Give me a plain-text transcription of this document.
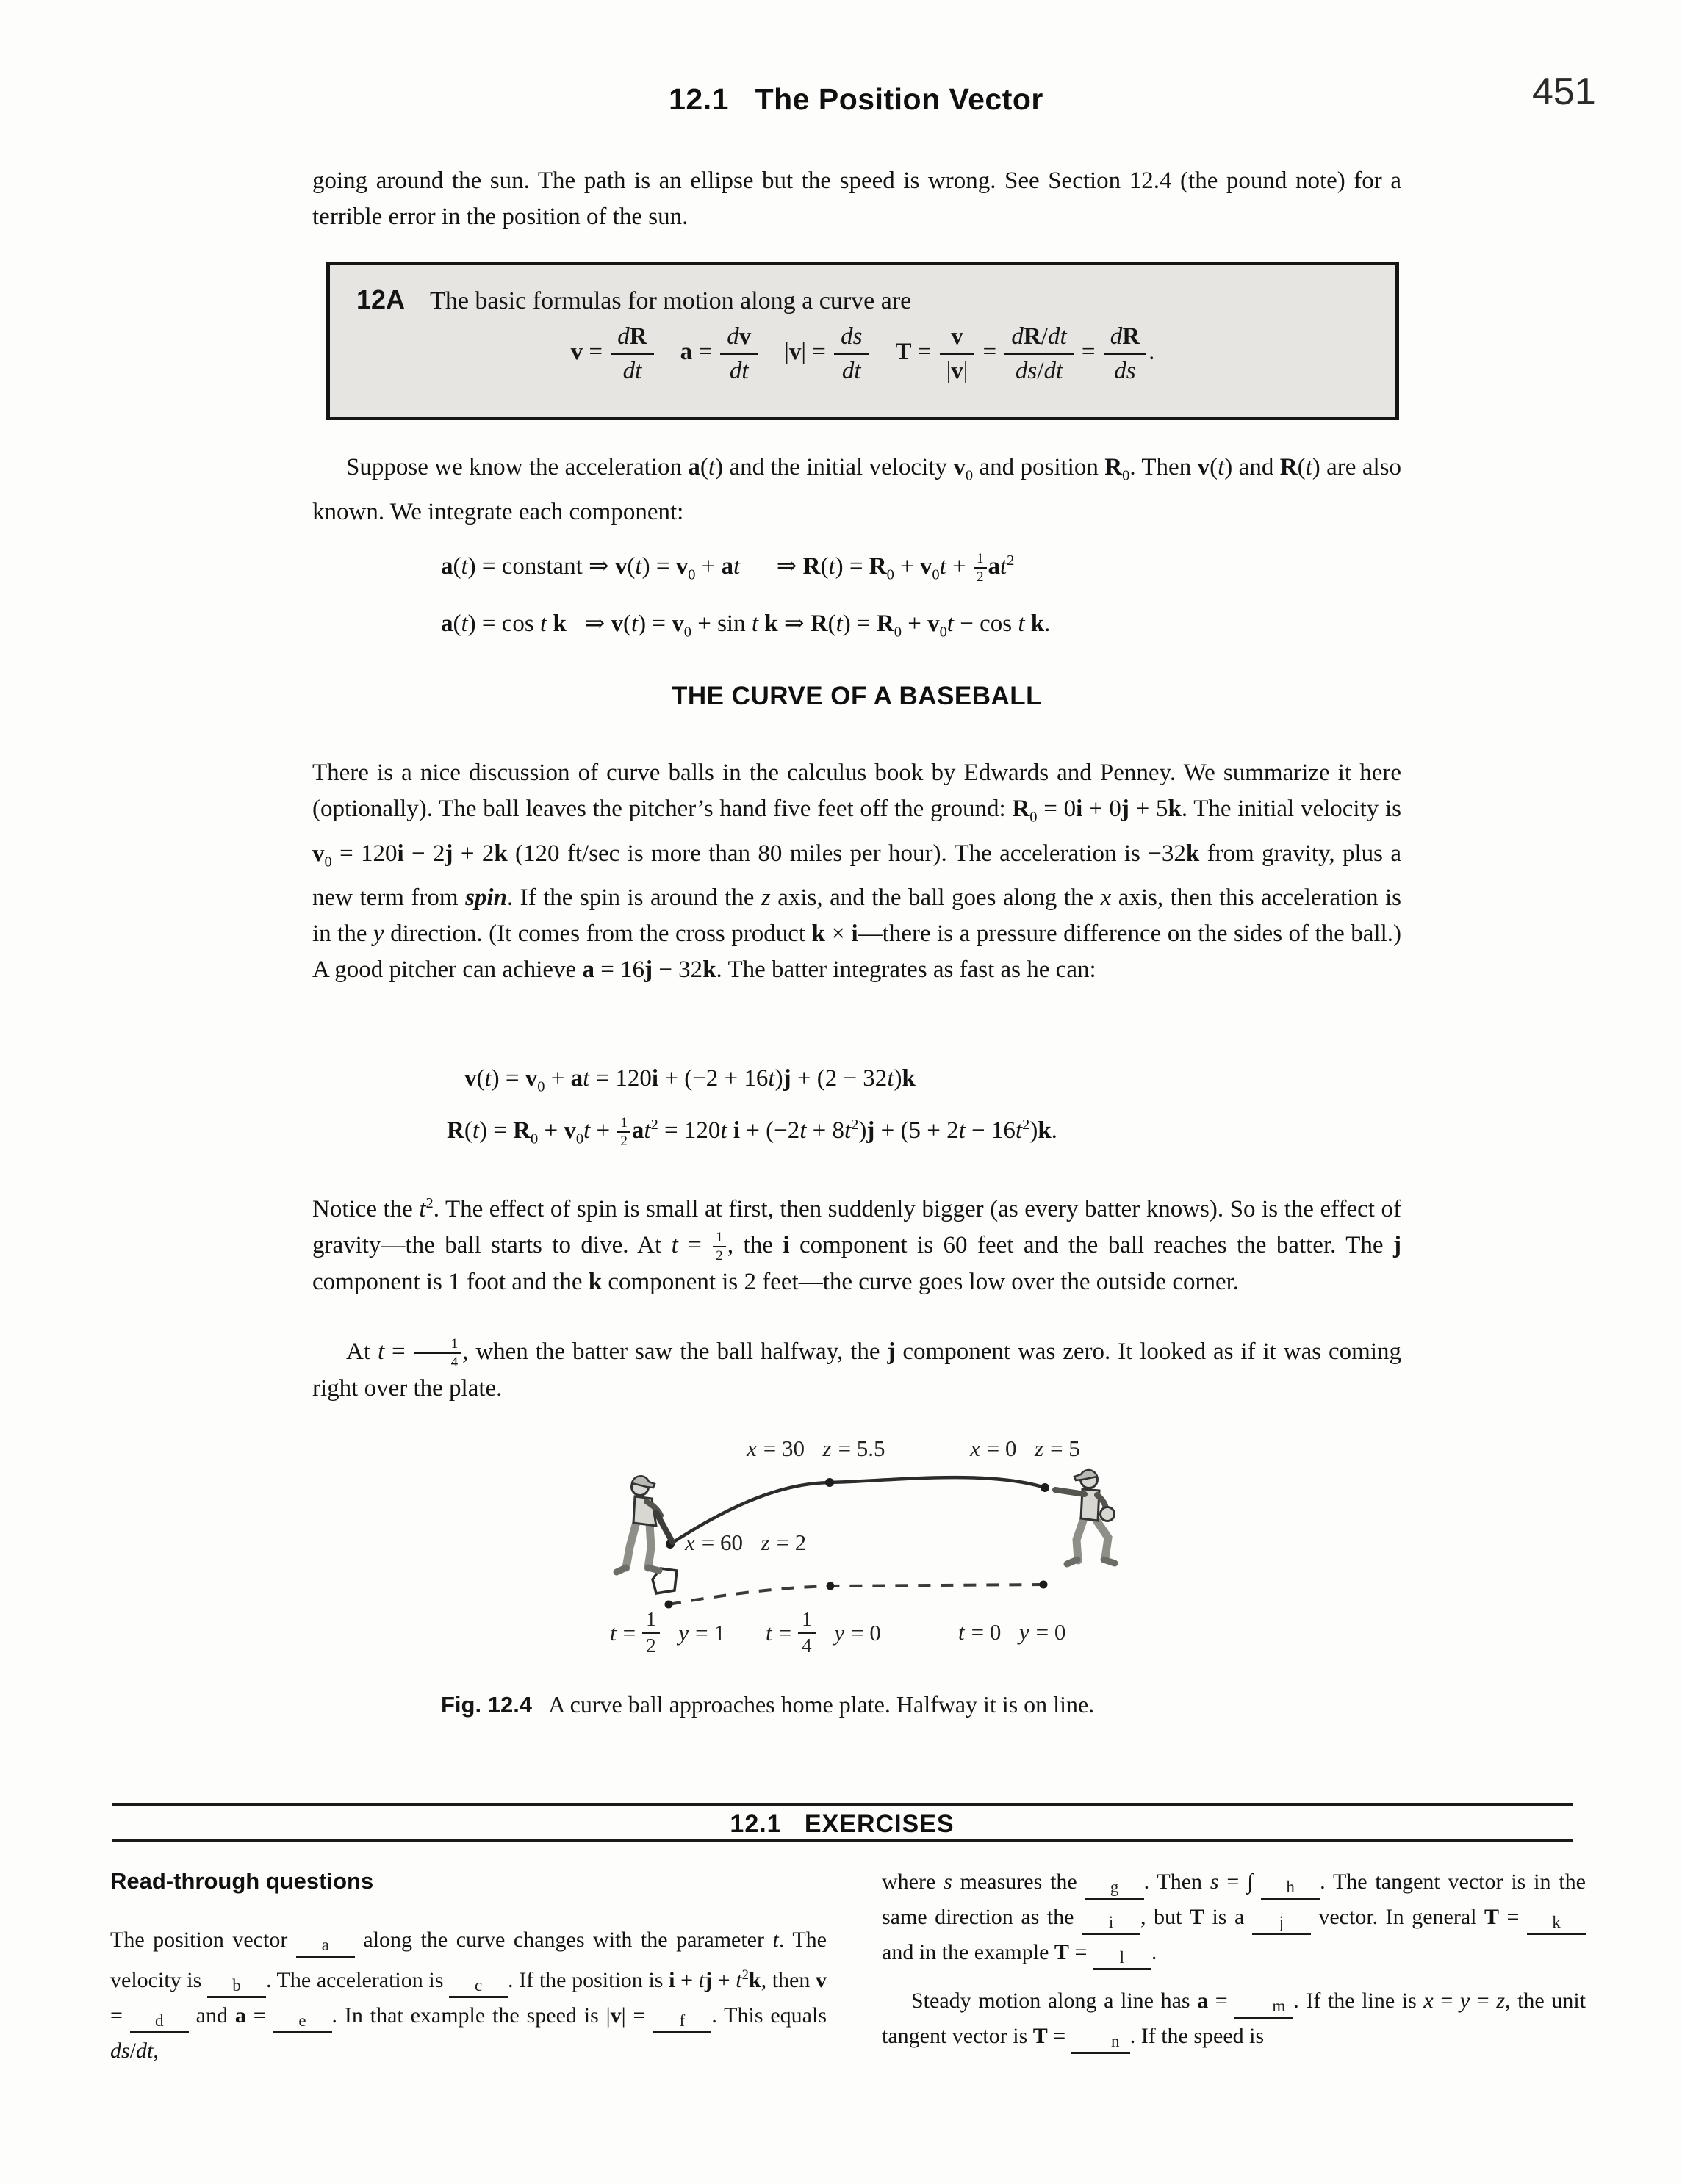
12.1 The Position Vector	451

going around the sun. The path is an ellipse but the speed is wrong. See Section 12.4 (the pound note) for a terrible error in the position of the sun.

12A The basic formulas for motion along a curve are
$v = \frac{dR}{dt}$ $a = \frac{dv}{dt} |v| = \frac{ds}{dt}$ $T = \frac{v}{|v|} = \frac{dR/dt}{ds/dt} = \frac{dR}{ds}$ .

Suppose we know the acceleration a(t) and the initial velocity $v_0$ and position $R_0$. Then v(t) and R(t) are also known. We integrate each component:

a(t) = constant ⇒ $v(t) = v_0$ + at      ⇒ $R(t) = R_0 + v_0t + \frac{1}{2} at^2$
a(t) = cos t k   ⇒ $v(t) = v_0 + \sin t$ k ⇒ $R(t) = R_0 + v_0t - \cos t$ k.
THE CURVE OF A BASEBALL

There is a nice discussion of curve balls in the calculus book by Edwards and Penney. We summarize it here (optionally). The ball leaves the pitcher’s hand five feet off the ground: $R_0 = 0i + 0j + 5k$. The initial velocity is $v_0 = 120i - 2j + 2k$ (120 ft/sec is more than 80 miles per hour). The acceleration is −32k from gravity, plus a new term from spin. If the spin is around the z axis, and the ball goes along the x axis, then this acceleration is in the y direction. (It comes from the cross product k × i—there is a pressure difference on the sides of the ball.) A good pitcher can achieve a = 16j − 32k. The batter integrates as fast as he can:

$v(t) = v_0$ + at = 120i + (−2 + 16t)j + (2 − 32t)k
$R(t) = R_0 + v_0t + \frac{1}{2} at^2 = 120t$ $i + (-2t + 8t^2)j + (5 + 2t - 16t^2)k$.

Notice the $t^2$. The effect of spin is small at first, then suddenly bigger (as every batter knows). So is the effect of gravity—the ball starts to dive. At $t = \frac{1}{2}$ , the i component is 60 feet and the ball reaches the batter. The j component is 1 foot and the k component is 2 feet—the curve goes low over the outside corner.

At $t = \frac{1}{4}$ , when the batter saw the ball halfway, the j component was zero. It looked as if it was coming right over the plate.

x = 30 z = 5.5	x = 0 z = 5
x = 60 z = 2
t =
1
2
y = 1 t =
1
4
y = 0	t = 0 y = 0
Fig. 12.4 A curve ball approaches home plate. Halfway it is on line.
12.1   EXERCISES
Read-through questions

The position vector a along the curve changes with the parameter t. The velocity is b . The acceleration is c . If the position is i + tj + $t^2k$, then v = d and a = e . In that example the speed is |v| = f . This equals ds/dt,

where s measures the g . Then s = ∫ h . The tangent vector is in the same direction as the i , but T is a j vector. In general T = k and in the example T = l .

Steady motion along a line has a = m . If the line is x = y = z, the unit tangent vector is T = n . If the speed is
